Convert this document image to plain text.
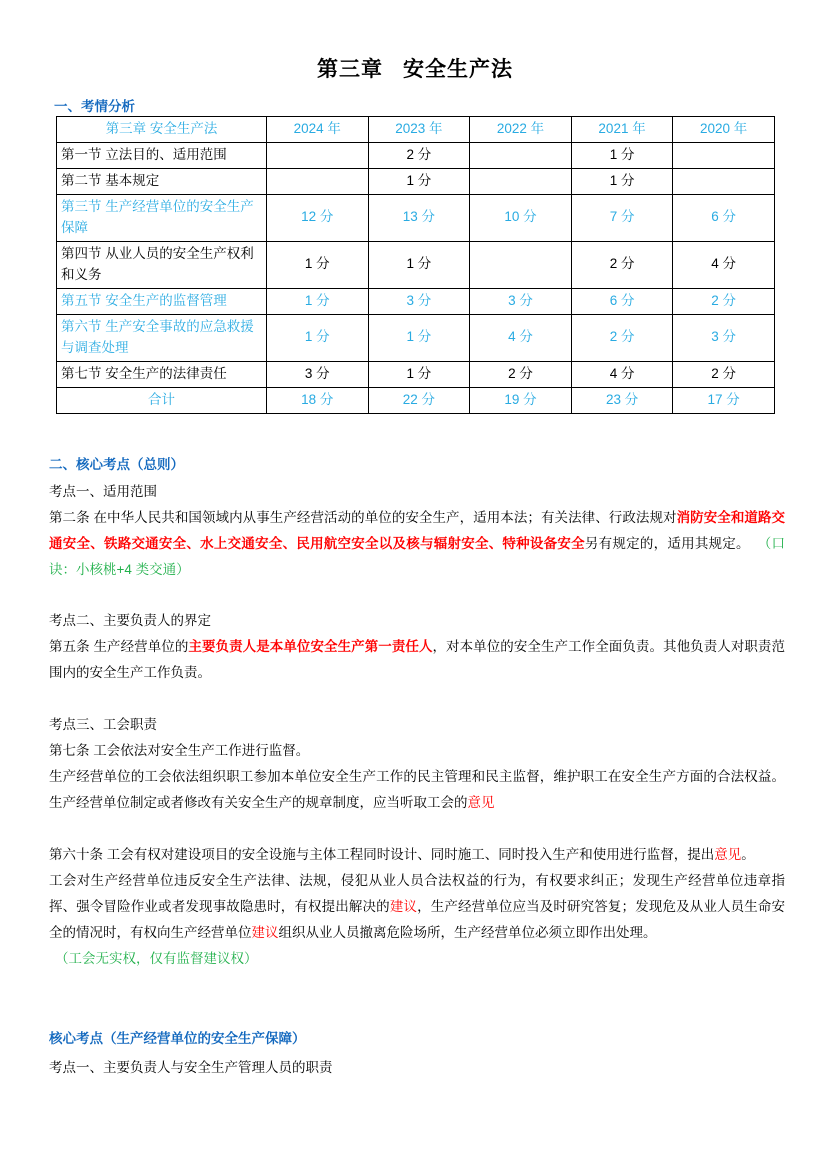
第三章 安全生产法
一、考情分析
第三章 安全生产法	2024 年	2023 年	2022 年	2021 年	2020 年
第一节 立法目的、适用范围		2 分		1 分	
第二节 基本规定		1 分		1 分	
第三节 生产经营单位的安全生产保障	12 分	13 分	10 分	7 分	6 分
第四节 从业人员的安全生产权利和义务	1 分	1 分		2 分	4 分
第五节 安全生产的监督管理	1 分	3 分	3 分	6 分	2 分
第六节 生产安全事故的应急救援与调查处理	1 分	1 分	4 分	2 分	3 分
第七节 安全生产的法律责任	3 分	1 分	2 分	4 分	2 分
合计	18 分	22 分	19 分	23 分	17 分
二、核心考点（总则）

考点一、适用范围

第二条 在中华人民共和国领域内从事生产经营活动的单位的安全生产，适用本法；有关法律、行政法规对消防安全和道路交通安全、铁路交通安全、水上交通安全、民用航空安全以及核与辐射安全、特种设备安全另有规定的，适用其规定。 （口诀：小核桃+4 类交通）

考点二、主要负责人的界定

第五条 生产经营单位的主要负责人是本单位安全生产第一责任人，对本单位的安全生产工作全面负责。其他负责人对职责范围内的安全生产工作负责。

考点三、工会职责

第七条 工会依法对安全生产工作进行监督。

生产经营单位的工会依法组织职工参加本单位安全生产工作的民主管理和民主监督，维护职工在安全生产方面的合法权益。生产经营单位制定或者修改有关安全生产的规章制度，应当听取工会的意见

第六十条 工会有权对建设项目的安全设施与主体工程同时设计、同时施工、同时投入生产和使用进行监督，提出意见。

工会对生产经营单位违反安全生产法律、法规，侵犯从业人员合法权益的行为，有权要求纠正；发现生产经营单位违章指挥、强令冒险作业或者发现事故隐患时，有权提出解决的建议，生产经营单位应当及时研究答复；发现危及从业人员生命安全的情况时，有权向生产经营单位建议组织从业人员撤离危险场所，生产经营单位必须立即作出处理。

（工会无实权，仅有监督建议权）

核心考点（生产经营单位的安全生产保障）

考点一、主要负责人与安全生产管理人员的职责
